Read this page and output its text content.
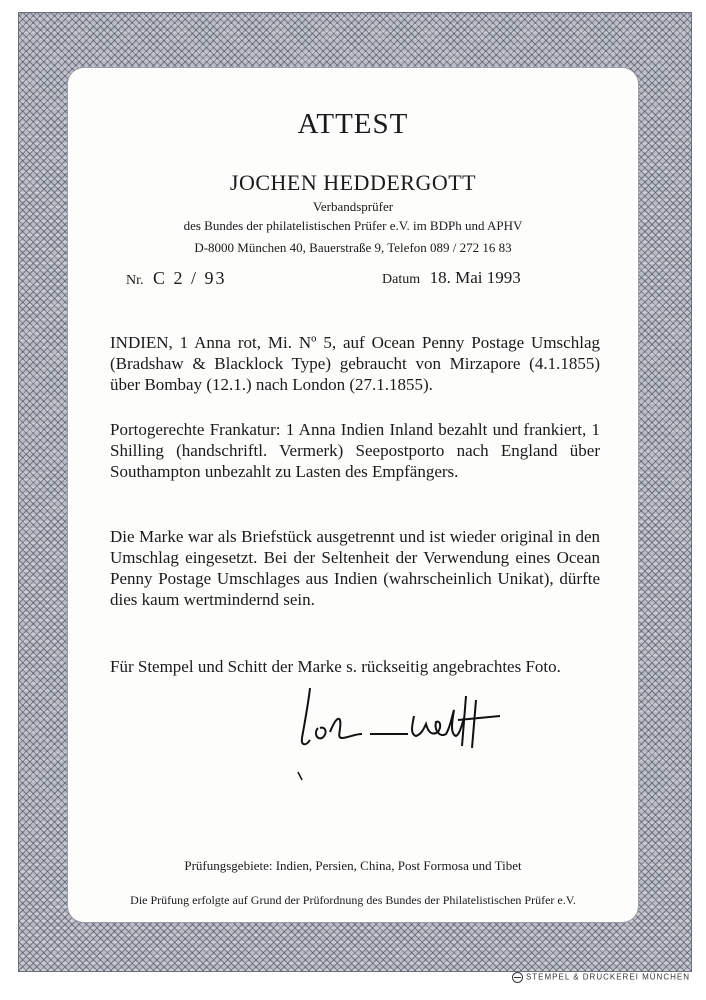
ATTEST
JOCHEN HEDDERGOTT
Verbandsprüfer
des Bundes der philatelistischen Prüfer e.V. im BDPh und APHV
D-8000 München 40, Bauerstraße 9, Telefon 089 / 272 16 83
Nr. C 2 / 93	Datum 18. Mai 1993
INDIEN, 1 Anna rot, Mi. Nº 5, auf Ocean Penny Postage Umschlag (Bradshaw & Blacklock Type) gebraucht von Mirzapore (4.1.1855) über Bombay (12.1.) nach London (27.1.1855).
Portogerechte Frankatur: 1 Anna Indien Inland bezahlt und frankiert, 1 Shilling (handschriftl. Vermerk) Seepostporto nach England über Southampton unbezahlt zu Lasten des Empfängers.
Die Marke war als Briefstück ausgetrennt und ist wieder original in den Umschlag eingesetzt. Bei der Seltenheit der Verwendung eines Ocean Penny Postage Umschlages aus Indien (wahrscheinlich Unikat), dürfte dies kaum wertmindernd sein.
Für Stempel und Schitt der Marke s. rückseitig angebrachtes Foto.
Prüfungsgebiete: Indien, Persien, China, Post Formosa und Tibet
Die Prüfung erfolgte auf Grund der Prüfordnung des Bundes der Philatelistischen Prüfer e.V.
STEMPEL & DRUCKEREI MÜNCHEN
